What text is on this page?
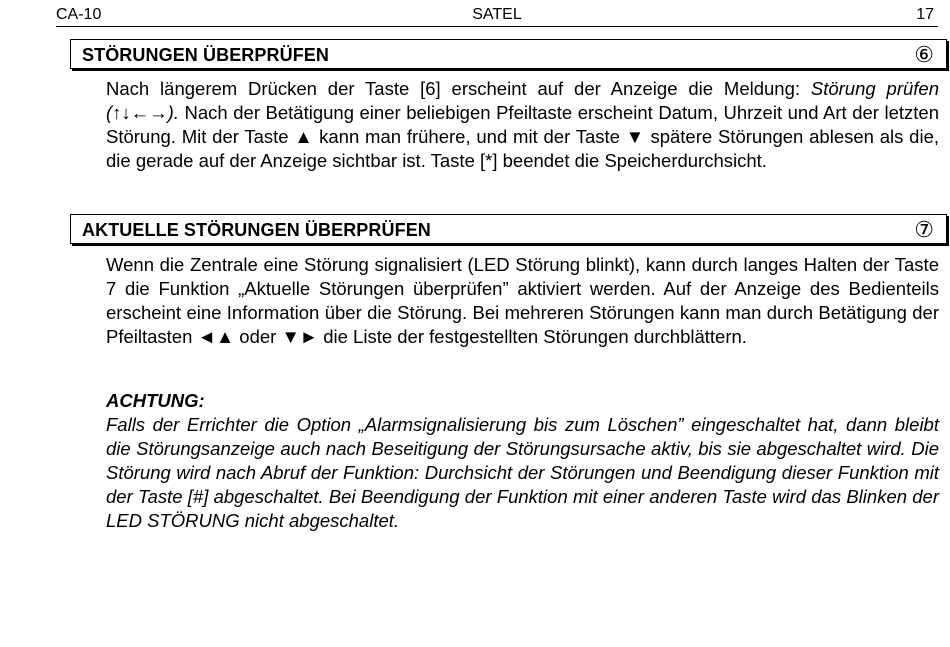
CA-10	SATEL	17
STÖRUNGEN ÜBERPRÜFEN	⑥

Nach längerem Drücken der Taste [6] erscheint auf der Anzeige die Meldung: Störung prüfen (↑↓←→). Nach der Betätigung einer beliebigen Pfeiltaste erscheint Datum, Uhrzeit und Art der letzten Störung. Mit der Taste ▲ kann man frühere, und mit der Taste ▼ spätere Störungen ablesen als die, die gerade auf der Anzeige sichtbar ist. Taste [*] beendet die Speicherdurchsicht.

AKTUELLE STÖRUNGEN ÜBERPRÜFEN	⑦

Wenn die Zentrale eine Störung signalisiert (LED Störung blinkt), kann durch langes Halten der Taste 7 die Funktion „Aktuelle Störungen überprüfen” aktiviert werden. Auf der Anzeige des Bedienteils erscheint eine Information über die Störung. Bei mehreren Störungen kann man durch Betätigung der Pfeiltasten ◄▲ oder ▼► die Liste der festgestellten Störungen durchblättern.

ACHTUNG:

Falls der Errichter die Option „Alarmsignalisierung bis zum Löschen” eingeschaltet hat, dann bleibt die Störungsanzeige auch nach Beseitigung der Störungsursache aktiv, bis sie abgeschaltet wird. Die Störung wird nach Abruf der Funktion: Durchsicht der Störungen und Beendigung dieser Funktion mit der Taste [#] abgeschaltet. Bei Beendigung der Funktion mit einer anderen Taste wird das Blinken der LED STÖRUNG nicht abgeschaltet.
